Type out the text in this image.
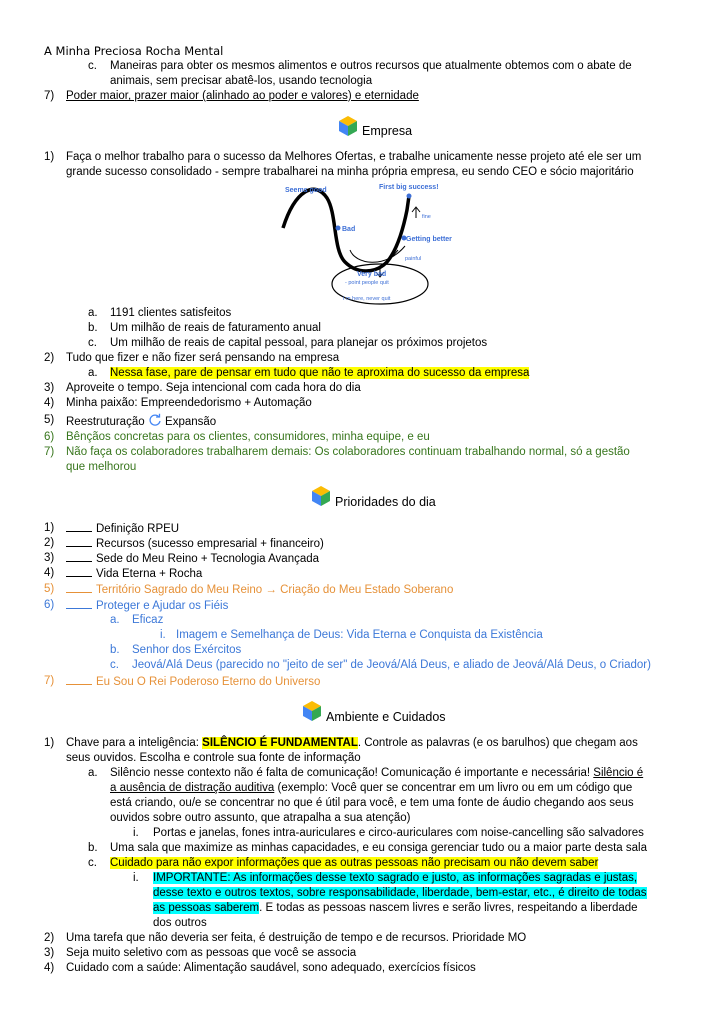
A Minha Preciosa Rocha Mental
c. Maneiras para obter os mesmos alimentos e outros recursos que atualmente obtemos com o abate de
animais, sem precisar abatê-los, usando tecnologia
7) Poder maior, prazer maior (alinhado ao poder e valores) e eternidade
Empresa
1) Faça o melhor trabalho para o sucesso da Melhores Ofertas, e trabalhe unicamente nesse projeto até ele ser um
grande sucesso consolidado - sempre trabalharei na minha própria empresa, eu sendo CEO e sócio majoritário
Seems good	First big success!
fine
Bad
Getting better
painful
Very bad
- point people quit
I m here, never quit
a. 1191 clientes satisfeitos
b. Um milhão de reais de faturamento anual
c. Um milhão de reais de capital pessoal, para planejar os próximos projetos
2) Tudo que fizer e não fizer será pensando na empresa
a. Nessa fase, pare de pensar em tudo que não te aproxima do sucesso da empresa
3) Aproveite o tempo. Seja intencional com cada hora do dia
4) Minha paixão: Empreendedorismo + Automação
5) Reestruturação Expansão
6) Bênçãos concretas para os clientes, consumidores, minha equipe, e eu
7) Não faça os colaboradores trabalharem demais: Os colaboradores continuam trabalhando normal, só a gestão
que melhorou
Prioridades do dia
1)	Definição RPEU
2)	Recursos (sucesso empresarial + financeiro)
3)	Sede do Meu Reino + Tecnologia Avançada
4)	Vida Eterna + Rocha
5)	Território Sagrado do Meu Reino → Criação do Meu Estado Soberano
6)	Proteger e Ajudar os Fiéis
a. Eficaz
i. Imagem e Semelhança de Deus: Vida Eterna e Conquista da Existência
b. Senhor dos Exércitos
c. Jeová/Alá Deus (parecido no "jeito de ser" de Jeová/Alá Deus, e aliado de Jeová/Alá Deus, o Criador)
7)	Eu Sou O Rei Poderoso Eterno do Universo
Ambiente e Cuidados
1) Chave para a inteligência: SILÊNCIO É FUNDAMENTAL. Controle as palavras (e os barulhos) que chegam aos
seus ouvidos. Escolha e controle sua fonte de informação
a. Silêncio nesse contexto não é falta de comunicação! Comunicação é importante e necessária! Silêncio é
a ausência de distração auditiva (exemplo: Você quer se concentrar em um livro ou em um código que
está criando, ou/e se concentrar no que é útil para você, e tem uma fonte de áudio chegando aos seus
ouvidos sobre outro assunto, que atrapalha a sua atenção)
i. Portas e janelas, fones intra-auriculares e circo-auriculares com noise-cancelling são salvadores
b. Uma sala que maximize as minhas capacidades, e eu consiga gerenciar tudo ou a maior parte desta sala
c. Cuidado para não expor informações que as outras pessoas não precisam ou não devem saber
i. IMPORTANTE: As informações desse texto sagrado e justo, as informações sagradas e justas,
desse texto e outros textos, sobre responsabilidade, liberdade, bem-estar, etc., é direito de todas
as pessoas saberem. E todas as pessoas nascem livres e serão livres, respeitando a liberdade
dos outros
2) Uma tarefa que não deveria ser feita, é destruição de tempo e de recursos. Prioridade MO
3) Seja muito seletivo com as pessoas que você se associa
4) Cuidado com a saúde: Alimentação saudável, sono adequado, exercícios físicos
